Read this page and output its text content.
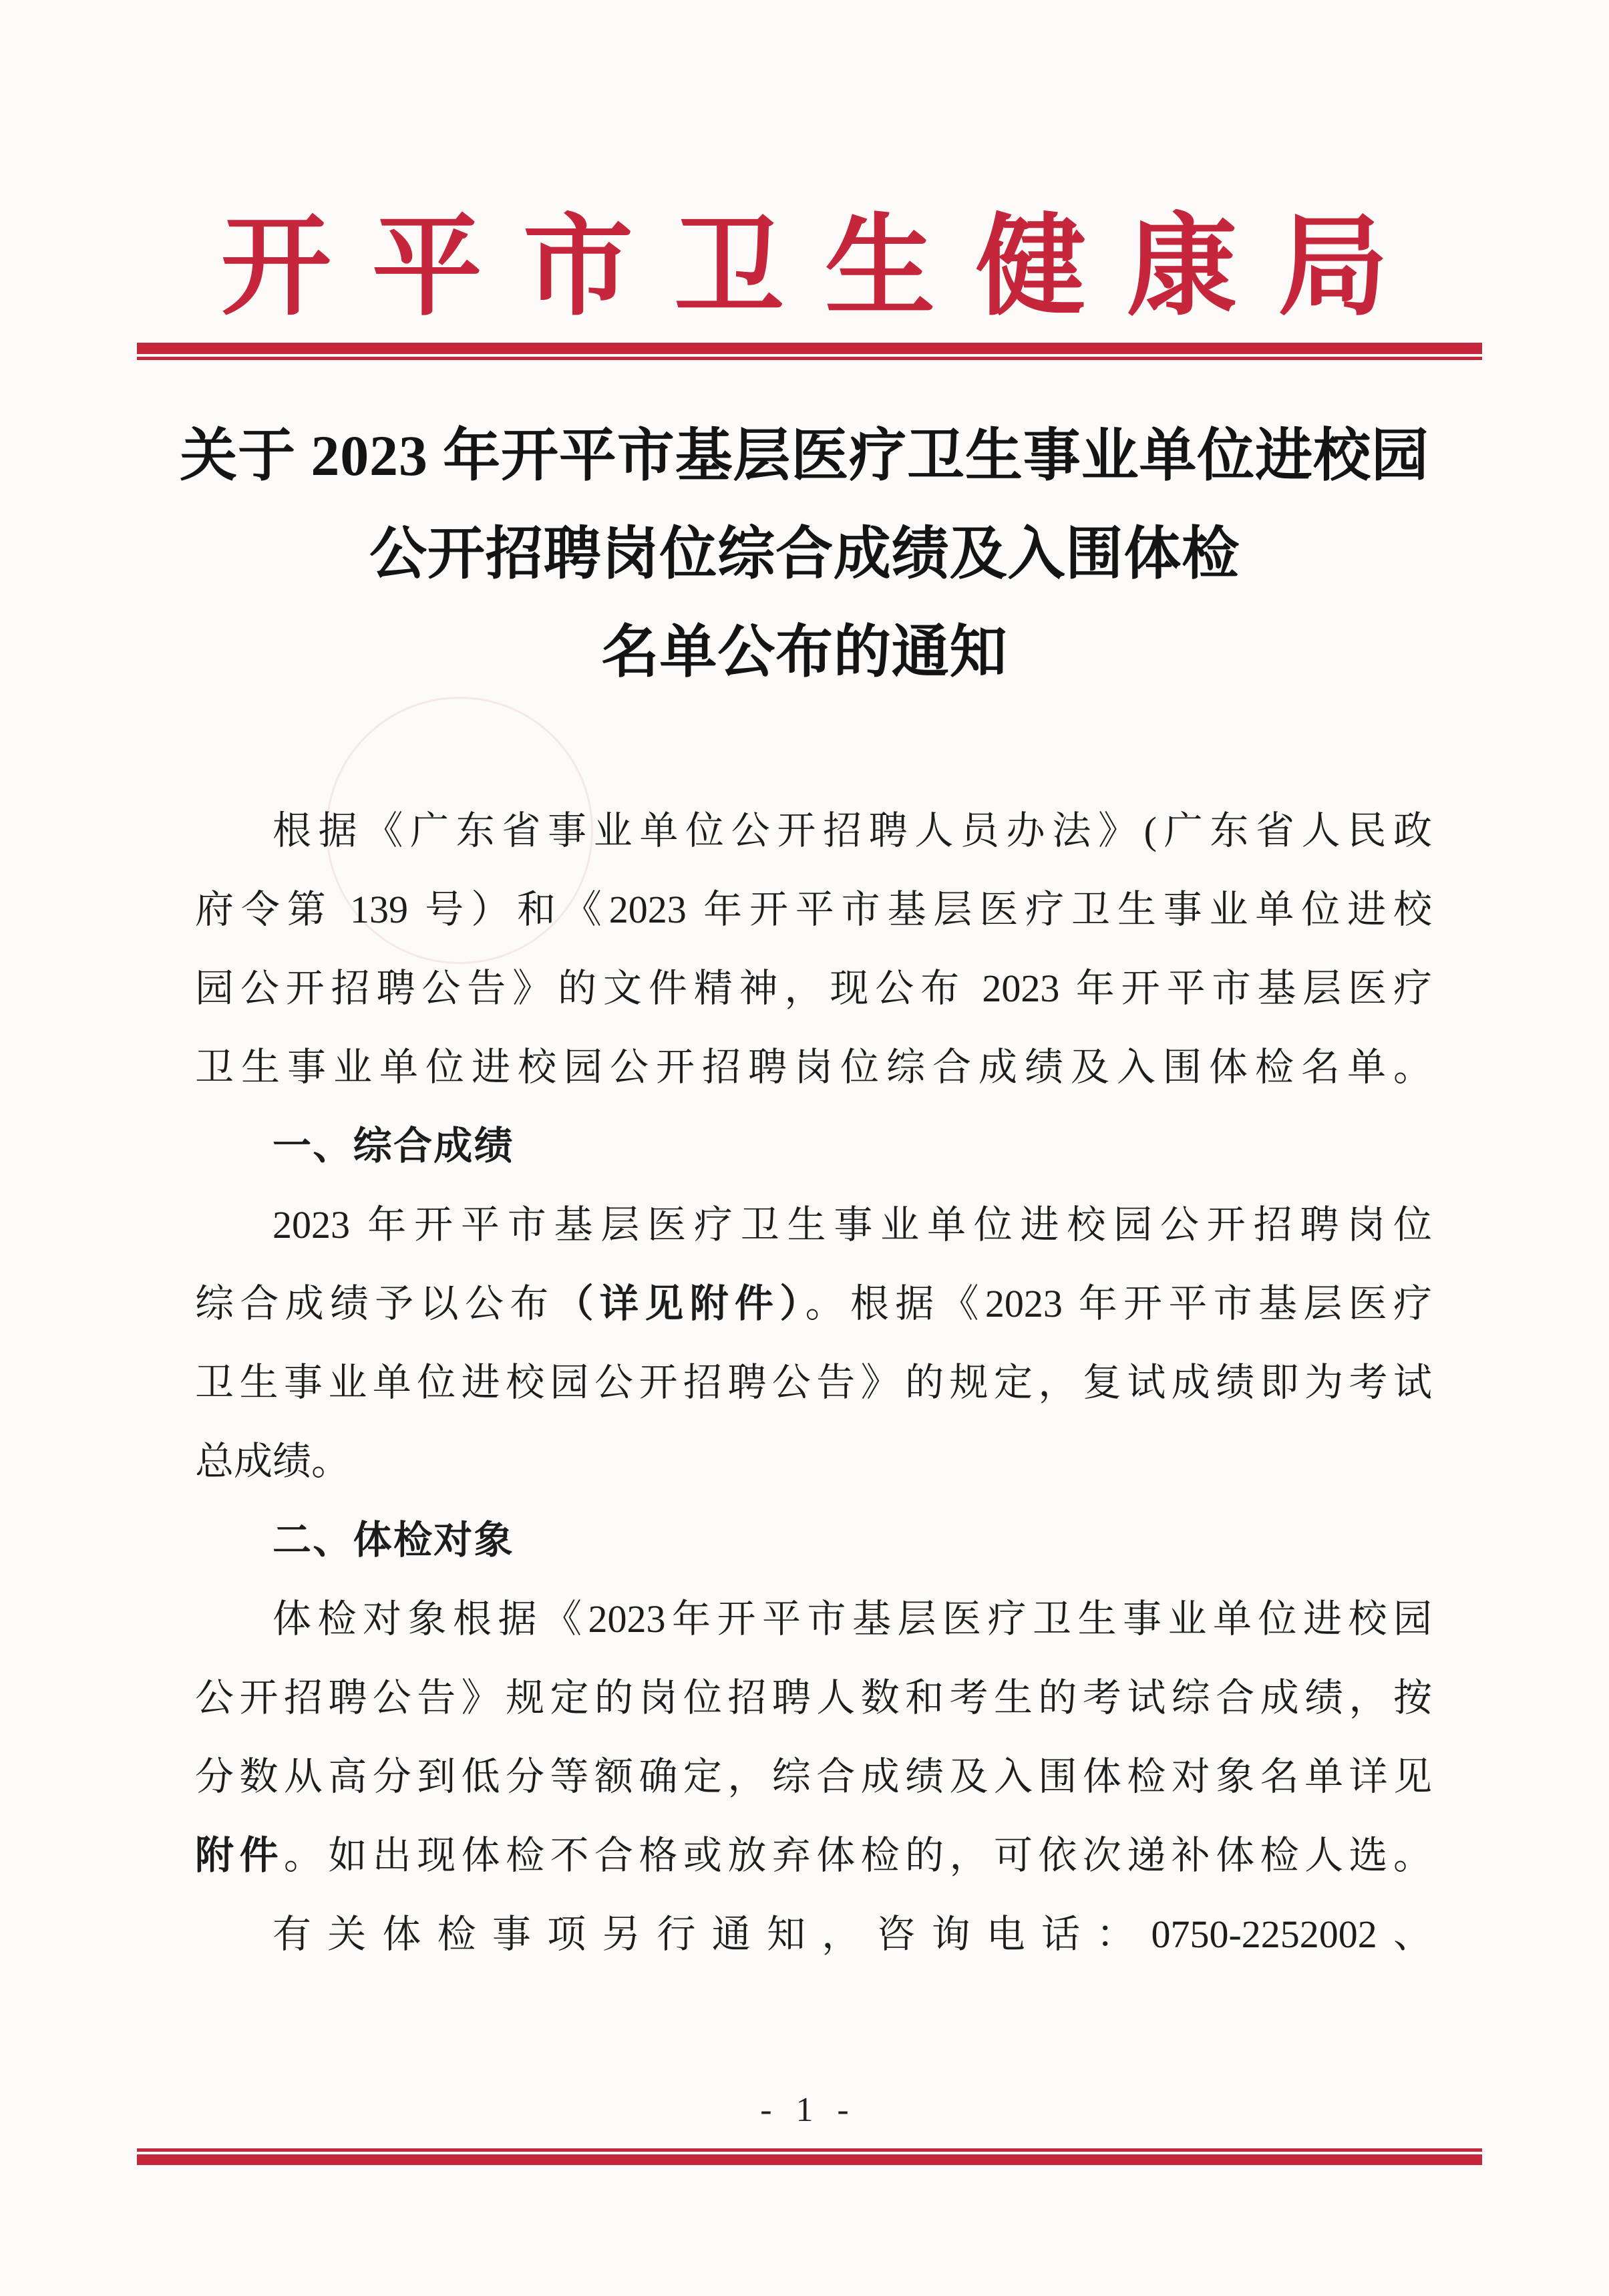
开平市卫生健康局
关于 2023 年开平市基层医疗卫生事业单位进校园
公开招聘岗位综合成绩及入围体检
名单公布的通知
根据《广东省事业单位公开招聘人员办法》(广东省人民政
府令第 139 号）和《2023 年开平市基层医疗卫生事业单位进校
园公开招聘公告》的文件精神，现公布 2023 年开平市基层医疗
卫生事业单位进校园公开招聘岗位综合成绩及入围体检名单。
一、综合成绩
2023 年开平市基层医疗卫生事业单位进校园公开招聘岗位
综合成绩予以公布（详见附件）。根据《2023 年开平市基层医疗
卫生事业单位进校园公开招聘公告》的规定，复试成绩即为考试
总成绩。
二、体检对象
体检对象根据《2023年开平市基层医疗卫生事业单位进校园
公开招聘公告》规定的岗位招聘人数和考生的考试综合成绩，按
分数从高分到低分等额确定，综合成绩及入围体检对象名单详见
附件。如出现体检不合格或放弃体检的，可依次递补体检人选。
有关体检事项另行通知，咨询电话：0750-2252002、
- 1 -
